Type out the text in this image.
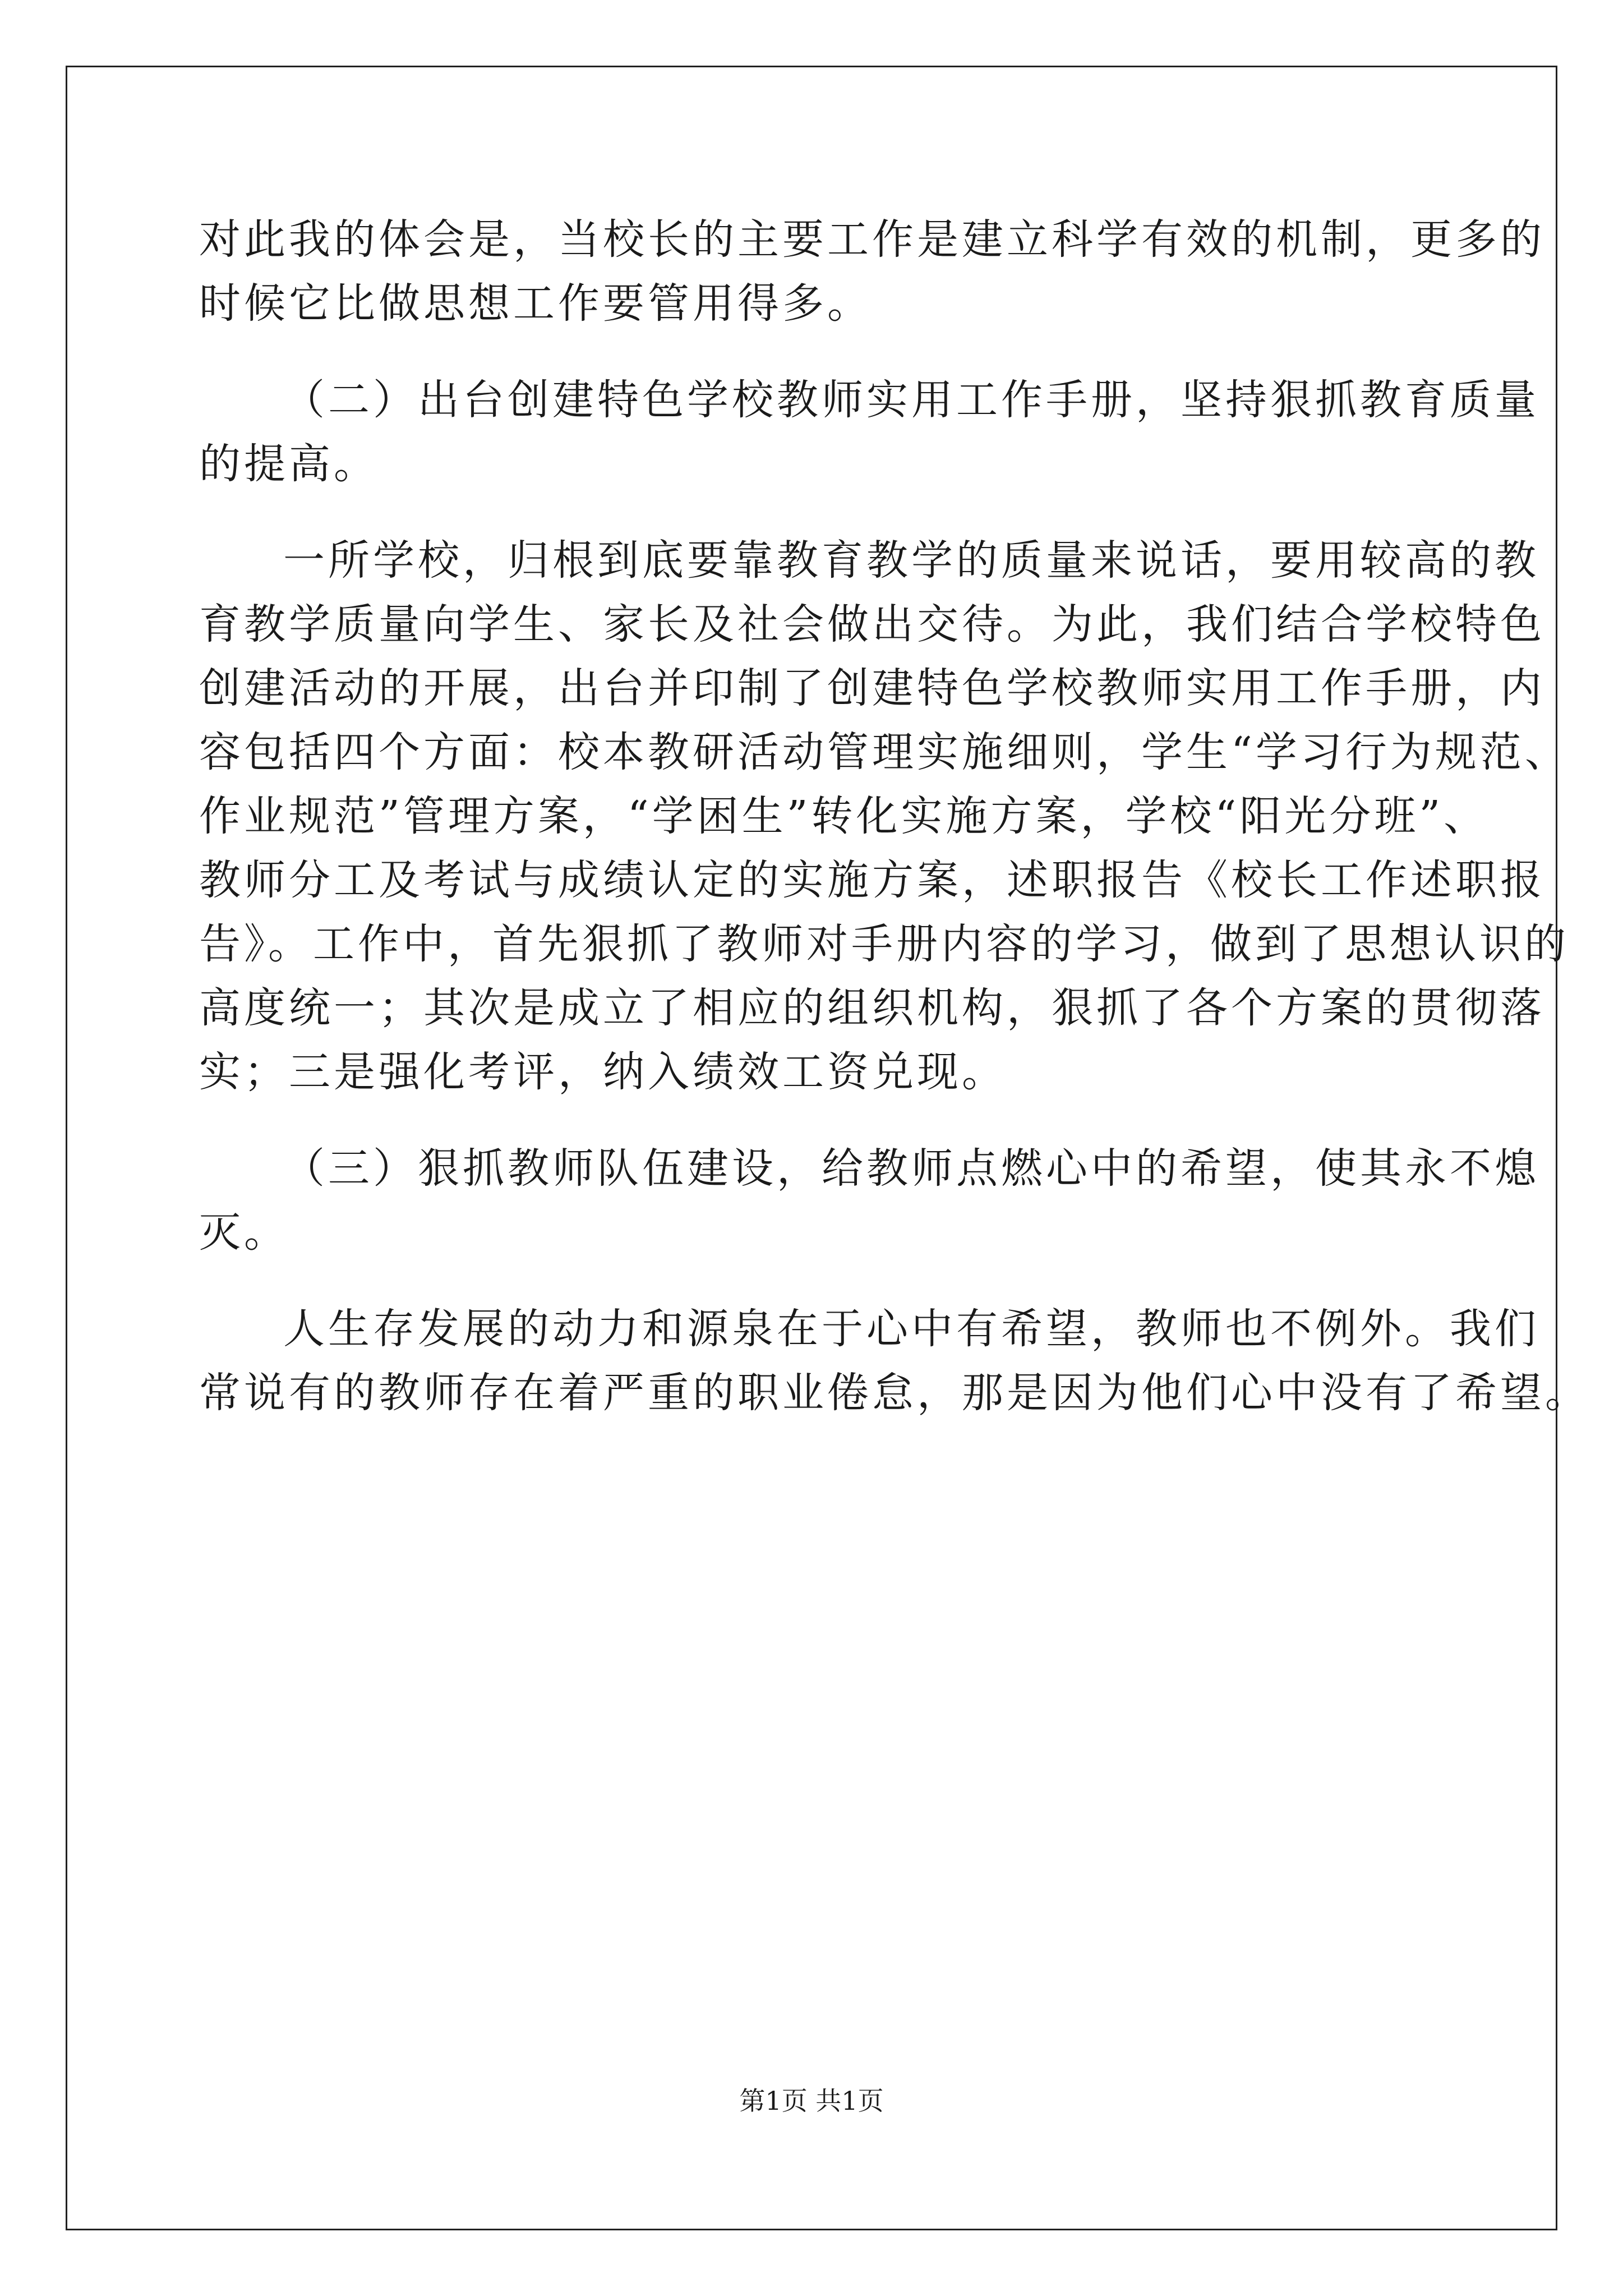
对此我的体会是，当校长的主要工作是建立科学有效的机制，更多的
时候它比做思想工作要管用得多。

（二）出台创建特色学校教师实用工作手册，坚持狠抓教育质量
的提高。

一所学校，归根到底要靠教育教学的质量来说话，要用较高的教
育教学质量向学生、家长及社会做出交待。为此，我们结合学校特色
创建活动的开展，出台并印制了创建特色学校教师实用工作手册，内
容包括四个方面：校本教研活动管理实施细则，学生“学习行为规范、
作业规范”管理方案，“学困生”转化实施方案，学校“阳光分班”、
教师分工及考试与成绩认定的实施方案，述职报告《校长工作述职报
告》。工作中，首先狠抓了教师对手册内容的学习，做到了思想认识的
高度统一；其次是成立了相应的组织机构，狠抓了各个方案的贯彻落
实；三是强化考评，纳入绩效工资兑现。

（三）狠抓教师队伍建设，给教师点燃心中的希望，使其永不熄
灭。

人生存发展的动力和源泉在于心中有希望，教师也不例外。我们
常说有的教师存在着严重的职业倦怠，那是因为他们心中没有了希望。

第1页 共1页
